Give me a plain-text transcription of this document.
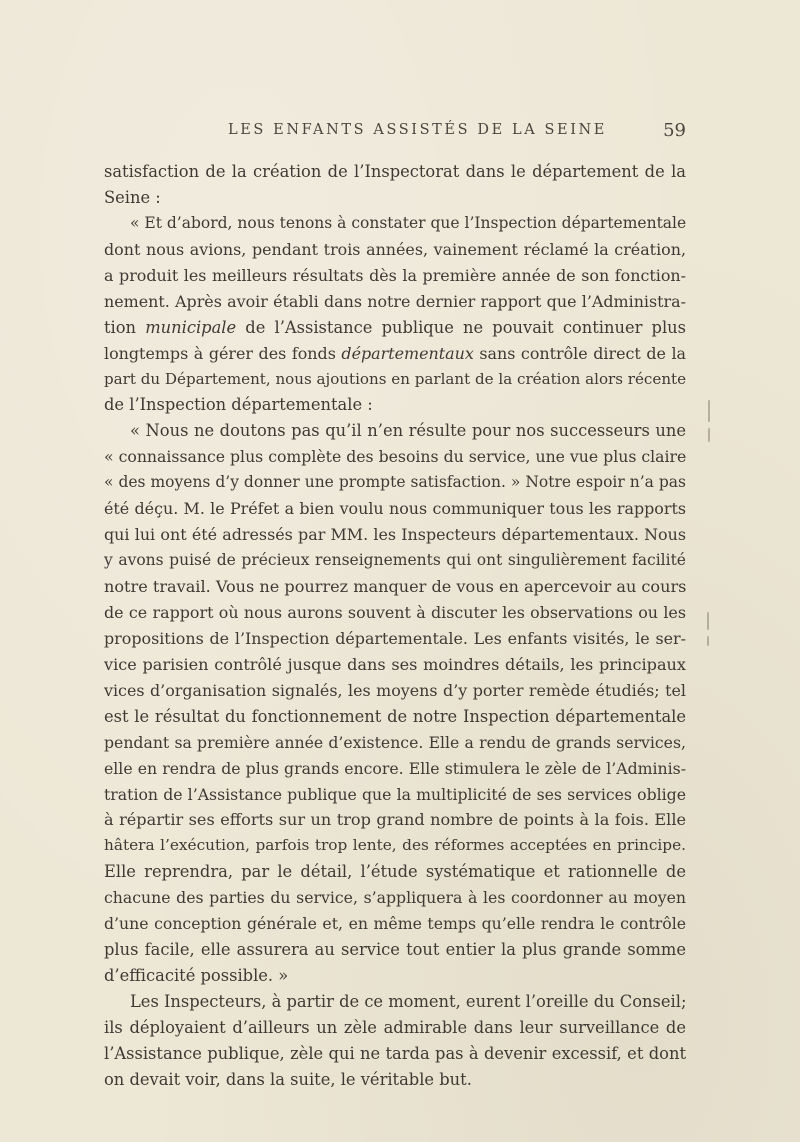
LES ENFANTS ASSISTÉS DE LA SEINE	59
satisfaction de la création de l’Inspectorat dans le département de la
Seine :
« Et d’abord, nous tenons à constater que l’Inspection départementale
dont nous avions, pendant trois années, vainement réclamé la création,
a produit les meilleurs résultats dès la première année de son fonction-
nement. Après avoir établi dans notre dernier rapport que l’Administra-
tion municipale de l’Assistance publique ne pouvait continuer plus
longtemps à gérer des fonds départementaux sans contrôle direct de la
part du Département, nous ajoutions en parlant de la création alors récente
de l’Inspection départementale :
« Nous ne doutons pas qu’il n’en résulte pour nos successeurs une
« connaissance plus complète des besoins du service, une vue plus claire
« des moyens d’y donner une prompte satisfaction. » Notre espoir n’a pas
été déçu. M. le Préfet a bien voulu nous communiquer tous les rapports
qui lui ont été adressés par MM. les Inspecteurs départementaux. Nous
y avons puisé de précieux renseignements qui ont singulièrement facilité
notre travail. Vous ne pourrez manquer de vous en apercevoir au cours
de ce rapport où nous aurons souvent à discuter les observations ou les
propositions de l’Inspection départementale. Les enfants visités, le ser-
vice parisien contrôlé jusque dans ses moindres détails, les principaux
vices d’organisation signalés, les moyens d’y porter remède étudiés; tel
est le résultat du fonctionnement de notre Inspection départementale
pendant sa première année d’existence. Elle a rendu de grands services,
elle en rendra de plus grands encore. Elle stimulera le zèle de l’Adminis-
tration de l’Assistance publique que la multiplicité de ses services oblige
à répartir ses efforts sur un trop grand nombre de points à la fois. Elle
hâtera l’exécution, parfois trop lente, des réformes acceptées en principe.
Elle reprendra, par le détail, l’étude systématique et rationnelle de
chacune des parties du service, s’appliquera à les coordonner au moyen
d’une conception générale et, en même temps qu’elle rendra le contrôle
plus facile, elle assurera au service tout entier la plus grande somme
d’efficacité possible. »
Les Inspecteurs, à partir de ce moment, eurent l’oreille du Conseil;
ils déployaient d’ailleurs un zèle admirable dans leur surveillance de
l’Assistance publique, zèle qui ne tarda pas à devenir excessif, et dont
on devait voir, dans la suite, le véritable but.
